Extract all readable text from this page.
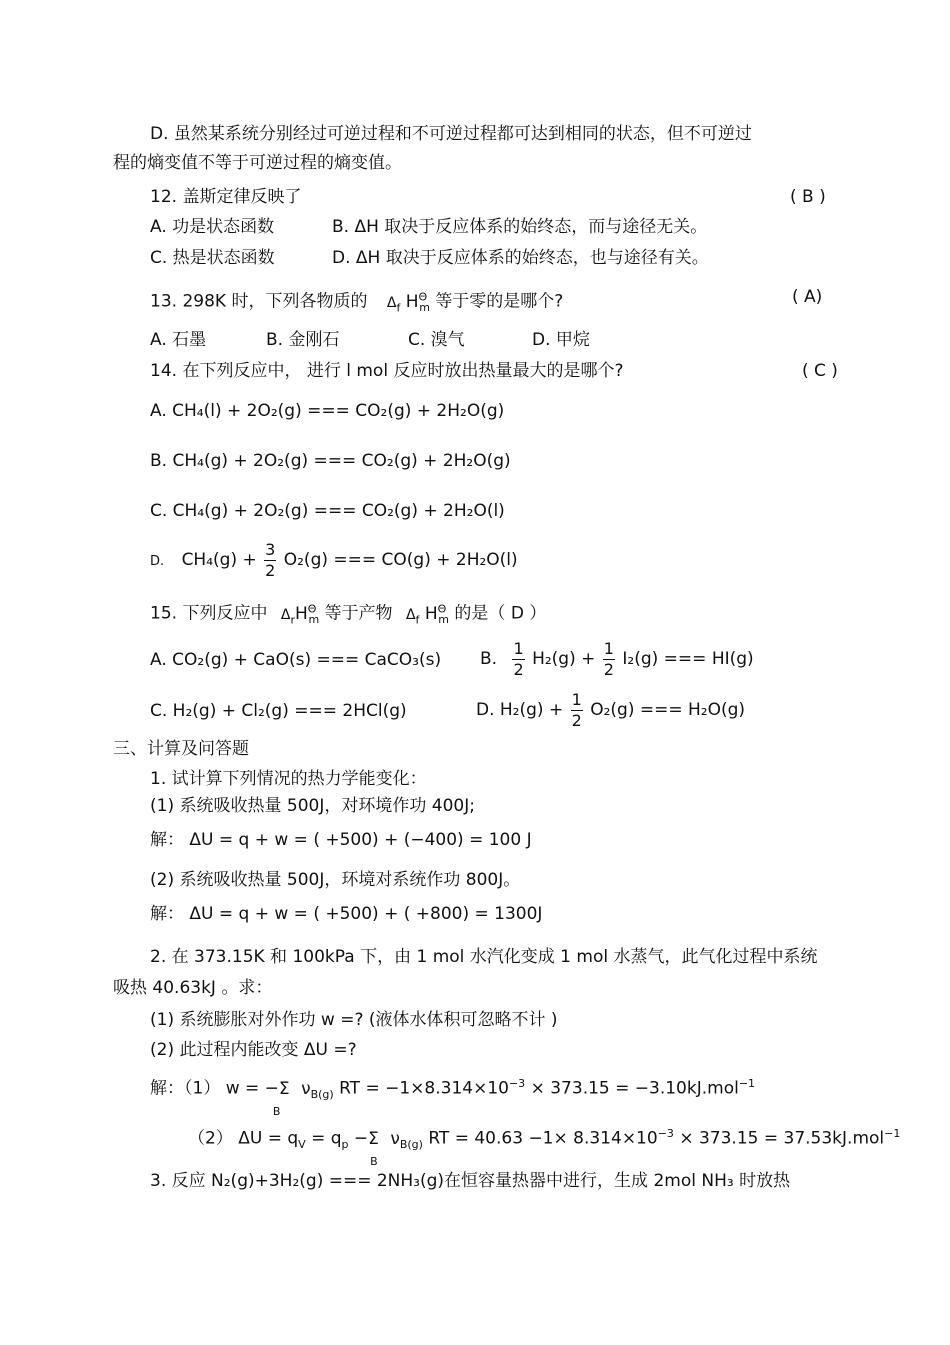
D. 虽然某系统分别经过可逆过程和不可逆过程都可达到相同的状态，但不可逆过
程的熵变值不等于可逆过程的熵变值。
12. 盖斯定律反映了	( B )
A. 功是状态函数	B. ΔH 取决于反应体系的始终态，而与途径无关。
C. 热是状态函数	D. ΔH 取决于反应体系的始终态，也与途径有关。
13. 298K 时，下列各物质的 $\Delta_f$ $H^\Theta_m$ 等于零的是哪个?	( A)
A. 石墨	B. 金刚石	C. 溴气	D. 甲烷
14. 在下列反应中， 进行 l mol 反应时放出热量最大的是哪个?	( C )
A. CH₄(l) + 2O₂(g) === CO₂(g) + 2H₂O(g)
B. CH₄(g) + 2O₂(g) === CO₂(g) + 2H₂O(g)
C. CH₄(g) + 2O₂(g) === CO₂(g) + 2H₂O(l)
D. $CH_4(g) + \frac{3}{2} O_2(g)$ === CO(g) + 2H₂O(l)
15. 下列反应中 $\Delta_rH^\Theta_m$ 等于产物 $\Delta_f$ $H^\Theta_m$ 的是（ D ）
A. CO₂(g) + CaO(s) === CaCO₃(s) B. $\frac{1}{2} H_2(g) + \frac{1}{2} I_2(g)$ === HI(g)
C. H₂(g) + Cl₂(g) === 2HCl(g)	D. $H_2(g) + \frac{1}{2} O_2(g)$ === H₂O(g)
三、计算及问答题
1. 试计算下列情况的热力学能变化：
(1) 系统吸收热量 500J，对环境作功 400J;
解： ΔU = q + w = ( +500) + (−400) = 100 J
(2) 系统吸收热量 500J，环境对系统作功 800J。
解： ΔU = q + w = ( +500) + ( +800) = 1300J
2. 在 373.15K 和 100kPa 下，由 1 mol 水汽化变成 1 mol 水蒸气，此气化过程中系统
吸热 40.63kJ 。求：
(1) 系统膨胀对外作功 w =? (液体水体积可忽略不计 )
(2) 此过程内能改变 ΔU =?
解：（1） w = −Σ
B
$\nu_{B(g)}$ RT = $-1\times 8.314\times 10^{-3} \times 373.15 = -3.10kJ.mol^{-1}$
（2） $\Delta U = q_V = q_p -\Sigma$
B
$\nu_{B(g)}$ RT = $40.63 -1\times 8.314\times 10^{-3} \times 373.15 = 37.53kJ.mol^{-1}$
3. 反应 N₂(g)+3H₂(g) === 2NH₃(g)在恒容量热器中进行，生成 2mol NH₃ 时放热
